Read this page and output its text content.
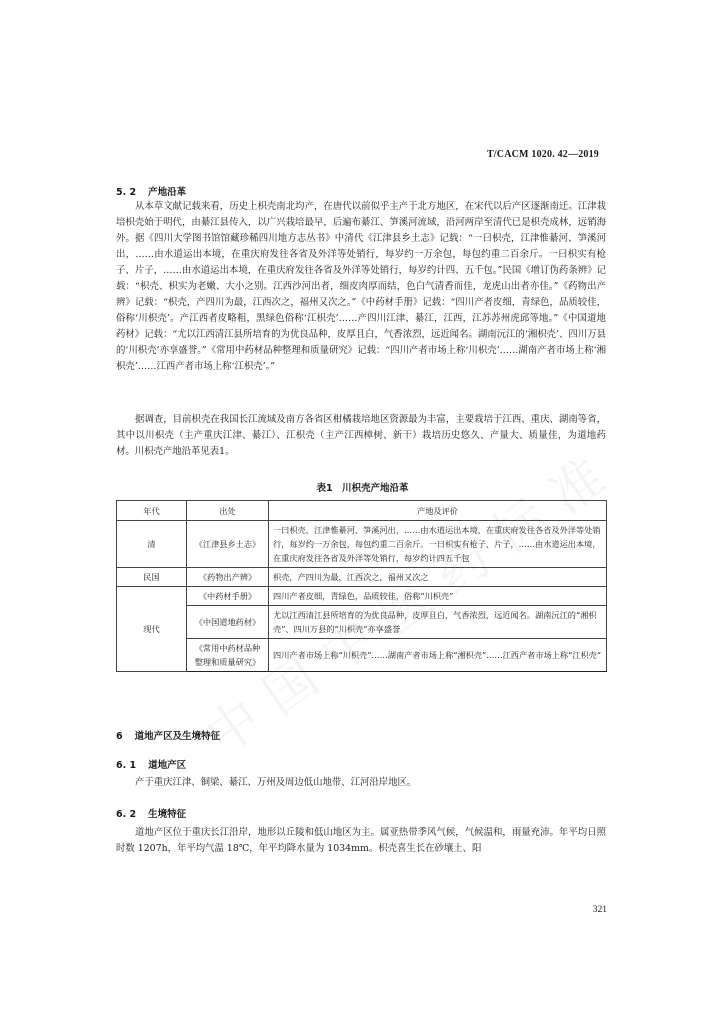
T/CACM 1020. 42—2019
5. 2 产地沿革

从本草文献记载来看，历史上枳壳南北均产，在唐代以前似乎主产于北方地区，在宋代以后产区逐渐南迁。江津栽培枳壳始于明代，由綦江县传入，以广兴栽培最早，后遍布綦江、笋溪河流域，沿河两岸至清代已是枳壳成林，远销海外。据《四川大学图书馆馆藏珍稀四川地方志丛书》中清代《江津县乡土志》记载：“一曰枳壳，江津惟綦河、笋溪河出，……由水道运出本境，在重庆府发往各省及外洋等处销行，每岁约一万余包，每包约重二百余斤。一曰枳实有枪子、片子，……由水道运出本境，在重庆府发往各省及外洋等处销行，每岁约计四、五千包。”民国《增订伪药条辨》记载：“枳壳、枳实为老嫩、大小之别。江西沙河出者，细皮肉厚而结，色白气清香而佳，龙虎山出者亦佳。”《药物出产辨》记载：“枳壳，产四川为最，江西次之，福州又次之。”《中药材手册》记载：“四川产者皮细，青绿色，品质较佳，俗称‘川枳壳’。产江西者皮略粗，黑绿色俗称‘江枳壳’……产四川江津、綦江，江西，江苏苏州虎邱等地。”《中国道地药材》记载：“尤以江西清江县所培育的为优良品种，皮厚且白，气香浓烈，远近闻名。湖南沅江的‘湘枳壳’、四川万县的‘川枳壳’亦享盛誉。”《常用中药材品种整理和质量研究》记载：“四川产者市场上称‘川枳壳’……湖南产者市场上称‘湘枳壳’……江西产者市场上称‘江枳壳’。”

据调查，目前枳壳在我国长江流域及南方各省区柑橘栽培地区资源最为丰富，主要栽培于江西、重庆、湖南等省，其中以川枳壳（主产重庆江津、綦江）、江枳壳（主产江西樟树、新干）栽培历史悠久、产量大、质量佳，为道地药材。川枳壳产地沿革见表1。

表1　川枳壳产地沿革
年代	出处	产地及评价
清	《江津县乡土志》	一曰枳壳，江津惟綦河、笋溪河出，……由水道运出本境，在重庆府发往各省及外洋等处销行，每岁约一万余包，每包约重二百余斤。一曰枳实有枪子、片子，……由水道运出本境，在重庆府发往各省及外洋等处销行，每岁约计四五千包
民国	《药物出产辨》	枳壳，产四川为最，江西次之，福州又次之
现代	《中药材手册》	四川产者皮细，青绿色，品质较佳，俗称“川枳壳”
	《中国道地药材》	尤以江西清江县所培育的为优良品种，皮厚且白，气香浓烈，远近闻名。湖南沅江的“湘枳壳”、四川万县的“川枳壳”亦享盛誉
	《常用中药材品种整理和质量研究》	四川产者市场上称“川枳壳”……湖南产者市场上称“湘枳壳”……江西产者市场上称“江枳壳”
6 道地产区及生境特征
6. 1 道地产区

产于重庆江津、铜梁、綦江、万州及周边低山地带、江河沿岸地区。

6. 2 生境特征

道地产区位于重庆长江沿岸，地形以丘陵和低山地区为主。属亚热带季风气候，气候温和，雨量充沛。年平均日照时数 1207h，年平均气温 18℃，年平均降水量为 1034mm。枳壳喜生长在砂壤土、阳

321
